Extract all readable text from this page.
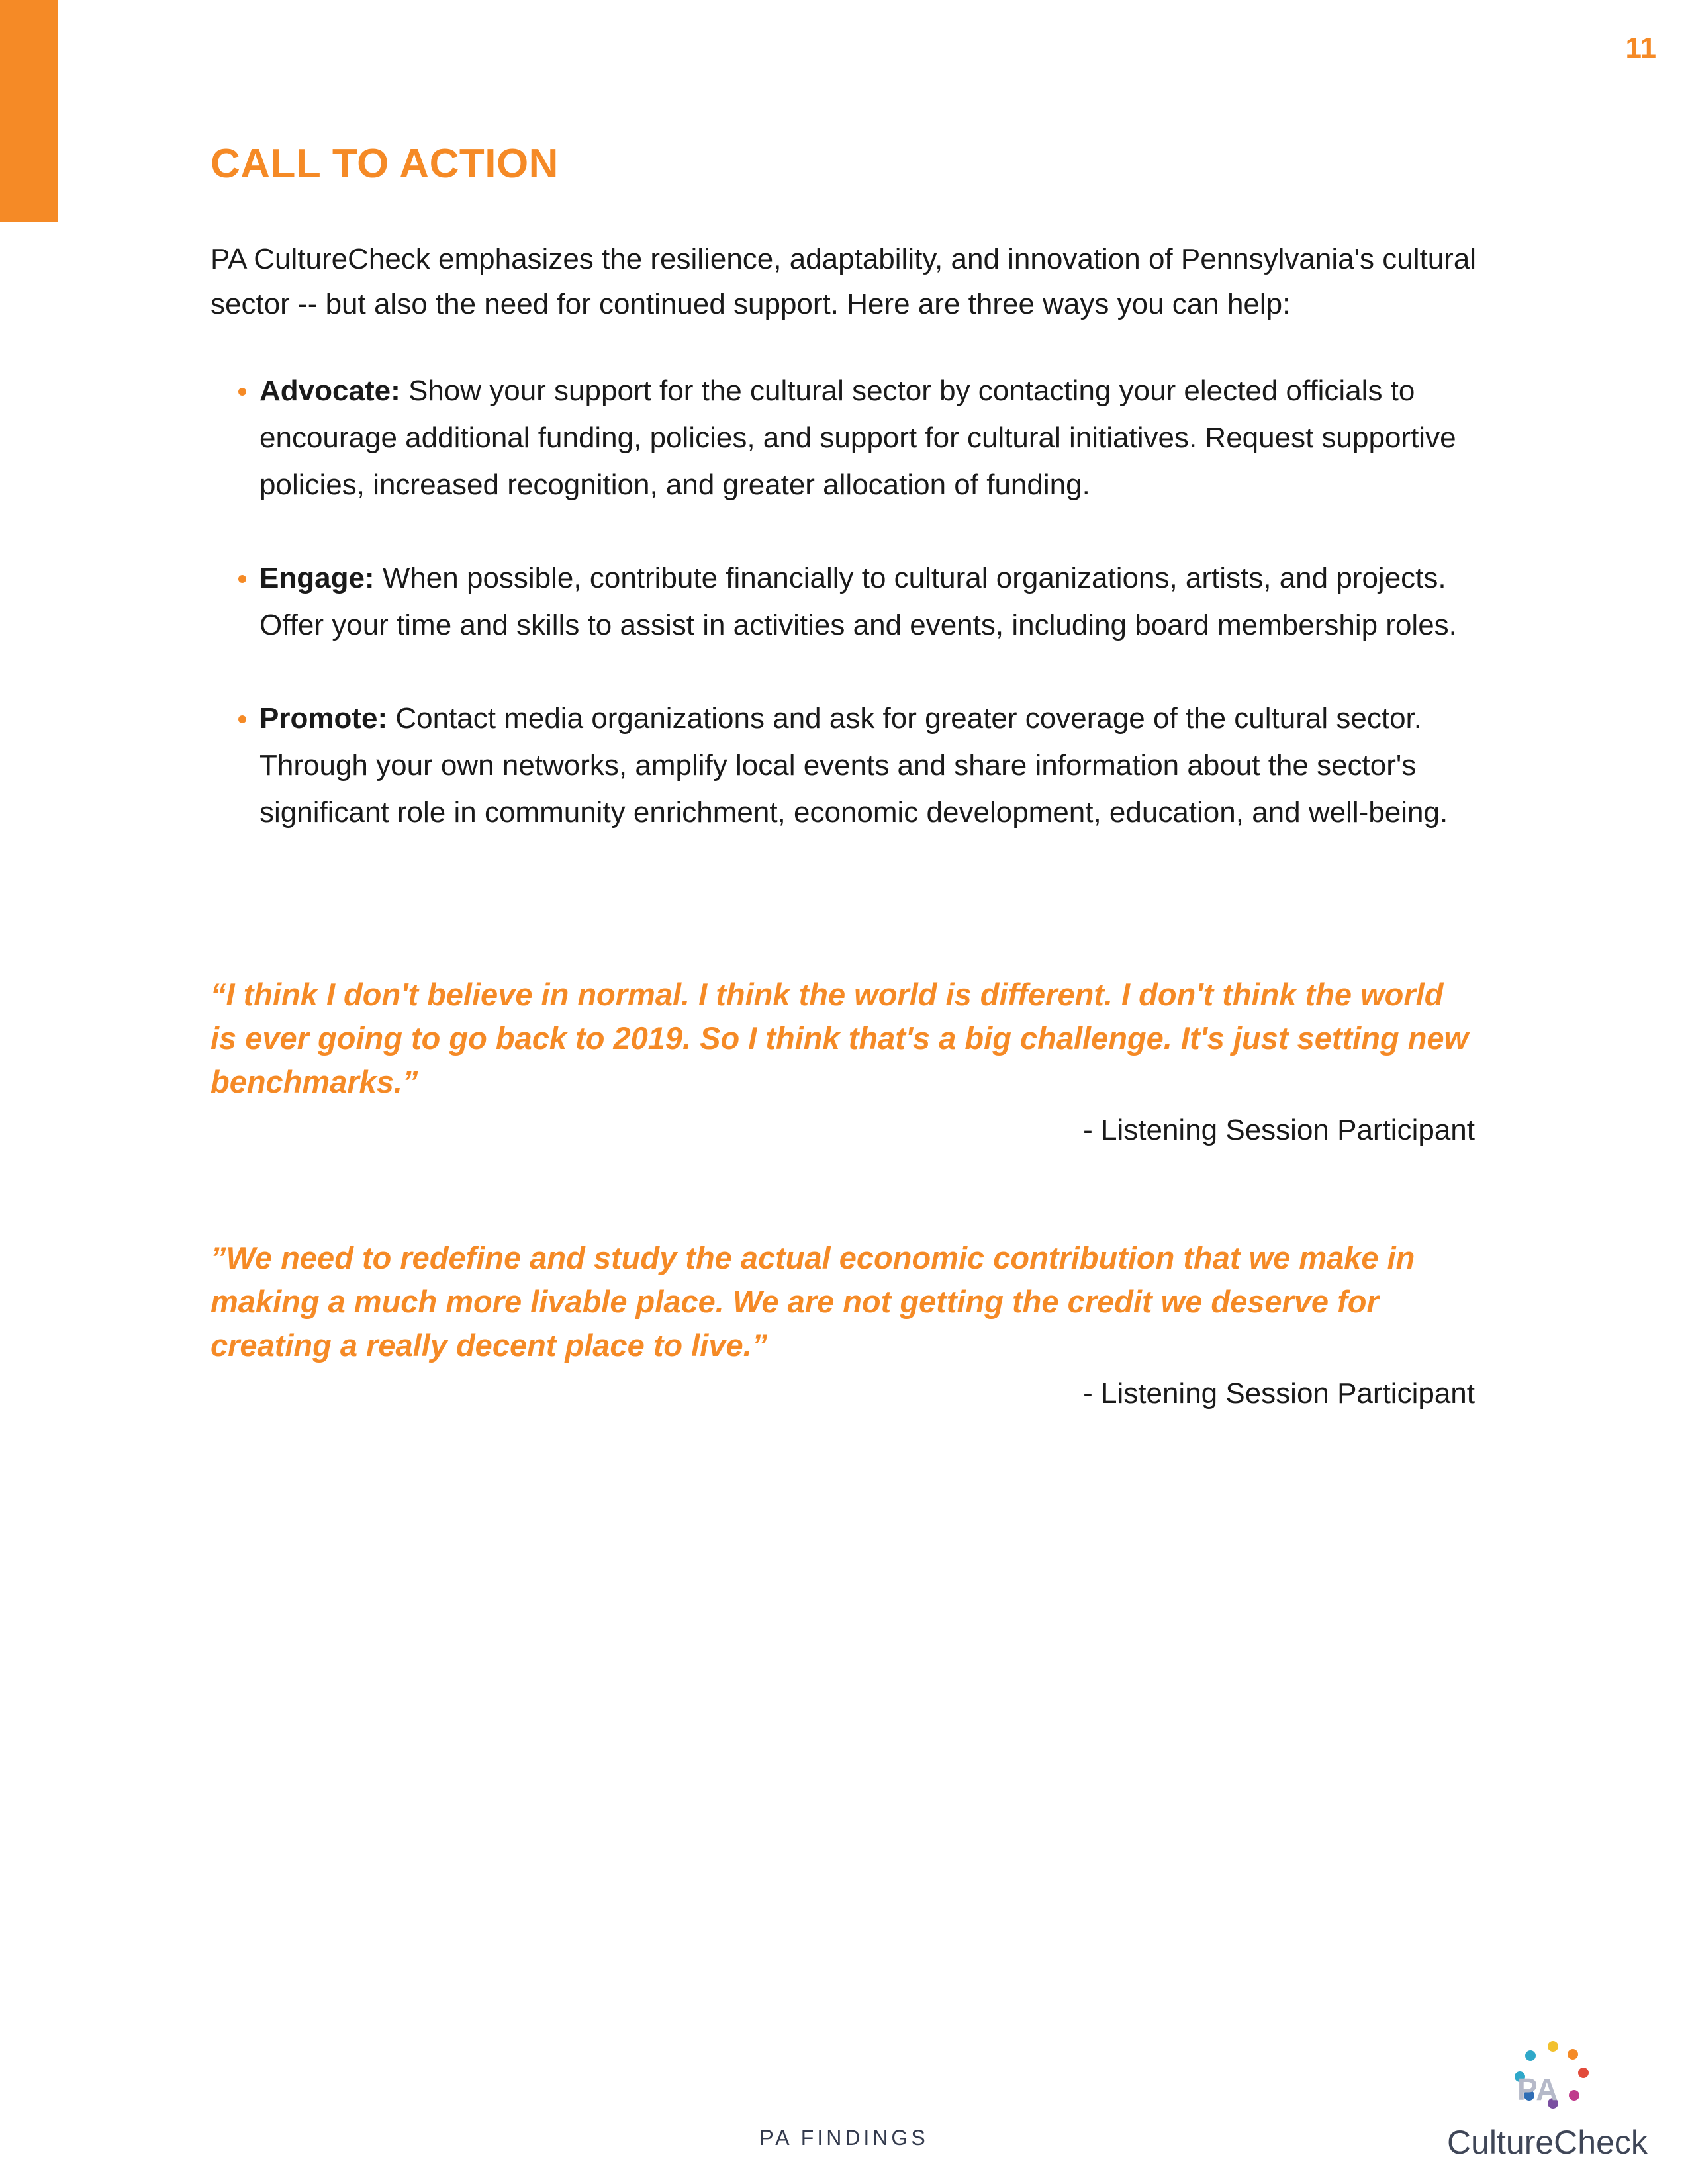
11
CALL TO ACTION

PA CultureCheck emphasizes the resilience, adaptability, and innovation of Pennsylvania's cultural sector -- but also the need for continued support. Here are three ways you can help:

Advocate: Show your support for the cultural sector by contacting your elected officials to encourage additional funding, policies, and support for cultural initiatives. Request supportive policies, increased recognition, and greater allocation of funding.
Engage: When possible, contribute financially to cultural organizations, artists, and projects. Offer your time and skills to assist in activities and events, including board membership roles.
Promote: Contact media organizations and ask for greater coverage of the cultural sector. Through your own networks, amplify local events and share information about the sector's significant role in community enrichment, economic development, education, and well-being.

“I think I don't believe in normal. I think the world is different. I don't think the world is ever going to go back to 2019. So I think that's a big challenge. It's just setting new benchmarks.”

- Listening Session Participant

”We need to redefine and study the actual economic contribution that we make in making a much more livable place. We are not getting the credit we deserve for creating a really decent place to live.”

- Listening Session Participant

PA FINDINGS
PA
CultureCheck
